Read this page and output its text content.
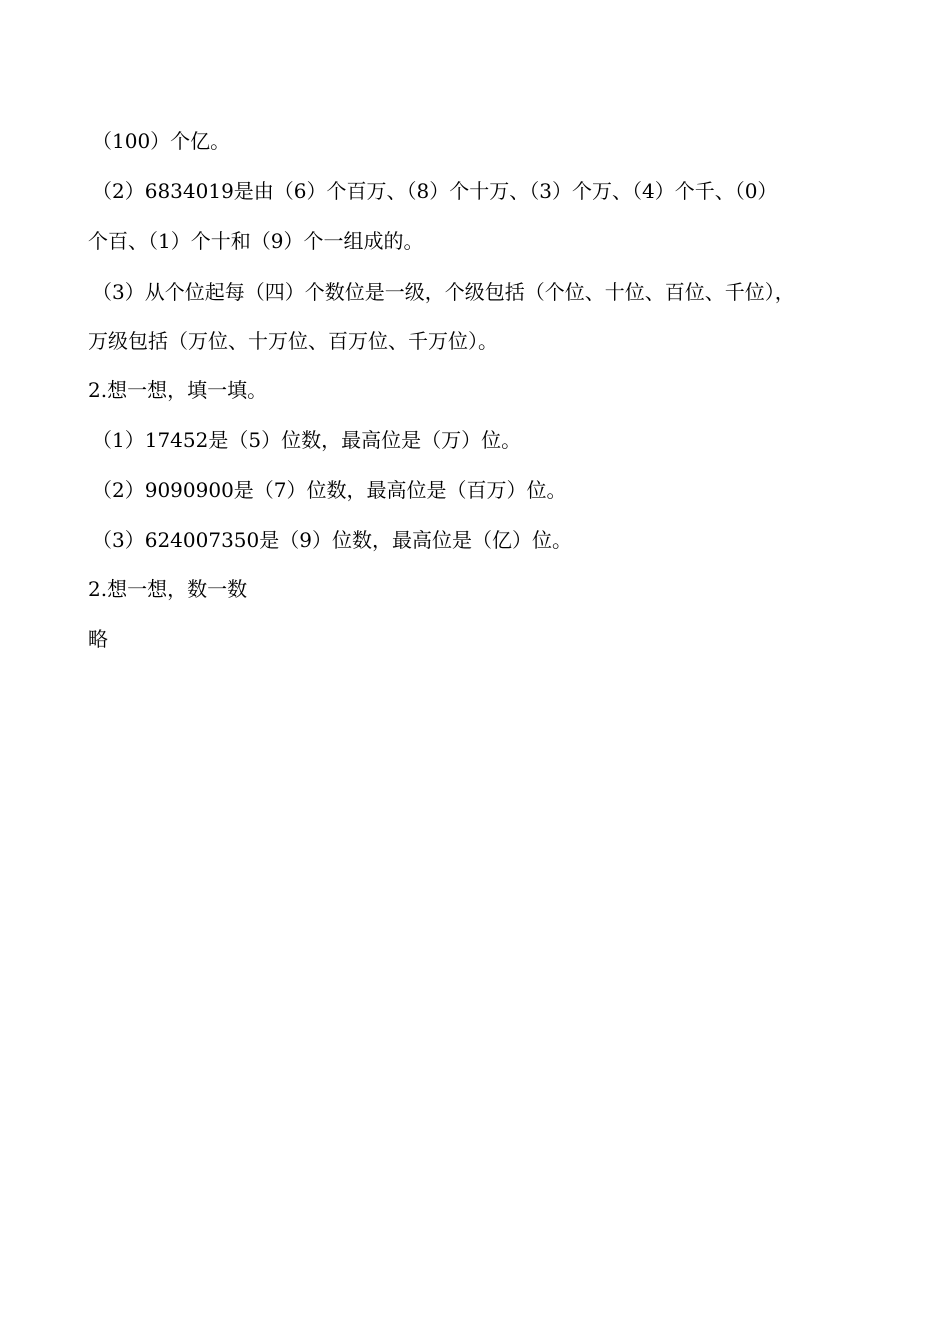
（100）个亿。
（2）6834019是由（6）个百万、（8）个十万、（3）个万、（4）个千、（0）
个百、（1）个十和（9）个一组成的。
（3）从个位起每（四）个数位是一级，个级包括（个位、十位、百位、千位），
万级包括（万位、十万位、百万位、千万位）。
2.想一想，填一填。
（1）17452是（5）位数，最高位是（万）位。
（2）9090900是（7）位数，最高位是（百万）位。
（3）624007350是（9）位数，最高位是（亿）位。
2.想一想，数一数
略
